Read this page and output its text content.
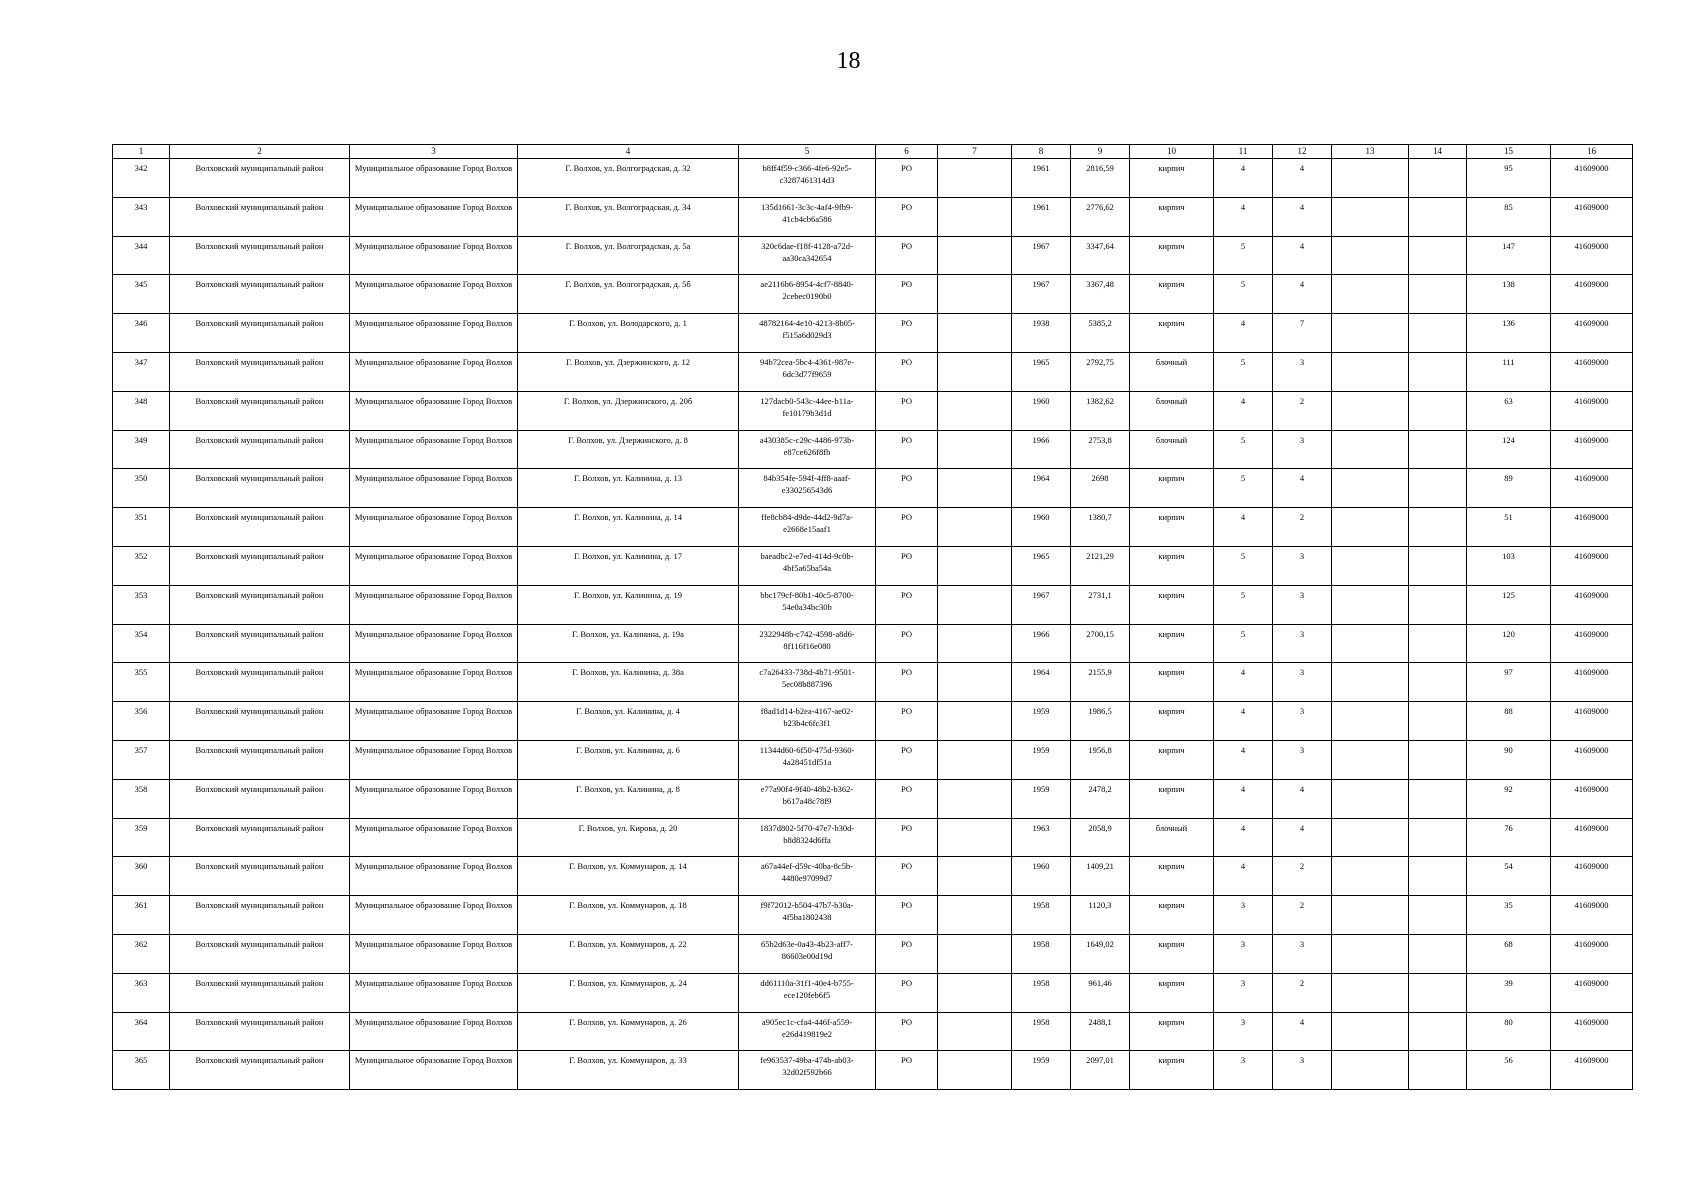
18
1	2	3	4	5	6	7	8	9	10	11	12	13	14	15	16
342	Волховский муниципальный район	Муниципальное образование Город Волхов	Г. Волхов, ул. Волгоградская, д. 32	b8ff4f59-c366-4fe6-92e5-c3287461314d3	РО		1961	2816,59	кирпич	4	4			95	41609000
343	Волховский муниципальный район	Муниципальное образование Город Волхов	Г. Волхов, ул. Волгоградская, д. 34	135d1661-3c3c-4af4-9fb9-41cb4cb6a586	РО		1961	2776,62	кирпич	4	4			85	41609000
344	Волховский муниципальный район	Муниципальное образование Город Волхов	Г. Волхов, ул. Волгоградская, д. 5а	320c6dae-f18f-4128-a72d-aa30ca342654	РО		1967	3347,64	кирпич	5	4			147	41609000
345	Волховский муниципальный район	Муниципальное образование Город Волхов	Г. Волхов, ул. Волгоградская, д. 5б	ae2116b6-8954-4cf7-8840-2cebec0190b0	РО		1967	3367,48	кирпич	5	4			138	41609000
346	Волховский муниципальный район	Муниципальное образование Город Волхов	Г. Волхов, ул. Володарского, д. 1	48782164-4e10-4213-8b05-f515a6d029d3	РО		1938	5385,2	кирпич	4	7			136	41609000
347	Волховский муниципальный район	Муниципальное образование Город Волхов	Г. Волхов, ул. Дзержинского, д. 12	94b72cea-5bc4-4361-987e-6dc3d77f9659	РО		1965	2792,75	блочный	5	3			111	41609000
348	Волховский муниципальный район	Муниципальное образование Город Волхов	Г. Волхов, ул. Дзержинского, д. 20б	127dacb0-543c-44ee-b11a-fe10179b3d1d	РО		1960	1382,62	блочный	4	2			63	41609000
349	Волховский муниципальный район	Муниципальное образование Город Волхов	Г. Волхов, ул. Дзержинского, д. 8	a430385c-c29c-4486-973b-e87ce626f8fb	РО		1966	2753,8	блочный	5	3			124	41609000
350	Волховский муниципальный район	Муниципальное образование Город Волхов	Г. Волхов, ул. Калинина, д. 13	84b354fe-594f-4ff8-aaaf-e330256543d6	РО		1964	2698	кирпич	5	4			89	41609000
351	Волховский муниципальный район	Муниципальное образование Город Волхов	Г. Волхов, ул. Калинина, д. 14	ffe8cb84-d9de-44d2-9d7a-e2668e15aaf1	РО		1960	1380,7	кирпич	4	2			51	41609000
352	Волховский муниципальный район	Муниципальное образование Город Волхов	Г. Волхов, ул. Калинина, д. 17	baeadbc2-e7ed-414d-9c0b-4bf5a65ba54a	РО		1965	2121,29	кирпич	5	3			103	41609000
353	Волховский муниципальный район	Муниципальное образование Город Волхов	Г. Волхов, ул. Калинина, д. 19	bbc179cf-80b1-40c5-8700-54e0a34bc30b	РО		1967	2731,1	кирпич	5	3			125	41609000
354	Волховский муниципальный район	Муниципальное образование Город Волхов	Г. Волхов, ул. Калинина, д. 19а	2322948b-c742-4598-a8d6-8f116f16e080	РО		1966	2700,15	кирпич	5	3			120	41609000
355	Волховский муниципальный район	Муниципальное образование Город Волхов	Г. Волхов, ул. Калинина, д. 38а	c7a26433-738d-4b71-9501-5ec08b887396	РО		1964	2155,9	кирпич	4	3			97	41609000
356	Волховский муниципальный район	Муниципальное образование Город Волхов	Г. Волхов, ул. Калинина, д. 4	f8ad1d14-b2ea-4167-ae02-b23b4c6fc3f1	РО		1959	1986,5	кирпич	4	3			88	41609000
357	Волховский муниципальный район	Муниципальное образование Город Волхов	Г. Волхов, ул. Калинина, д. 6	11344d60-6f50-475d-9360-4a28451df51a	РО		1959	1956,8	кирпич	4	3			90	41609000
358	Волховский муниципальный район	Муниципальное образование Город Волхов	Г. Волхов, ул. Калинина, д. 8	e77a90f4-9f40-48b2-b362-b617a48c78f9	РО		1959	2478,2	кирпич	4	4			92	41609000
359	Волховский муниципальный район	Муниципальное образование Город Волхов	Г. Волхов, ул. Кирова, д. 20	1837d802-5f70-47e7-b30d-b8d8324d6ffa	РО		1963	2058,9	блочный	4	4			76	41609000
360	Волховский муниципальный район	Муниципальное образование Город Волхов	Г. Волхов, ул. Коммунаров, д. 14	a67a44ef-d59c-40ba-8c5b-4480e97099d7	РО		1960	1409,21	кирпич	4	2			54	41609000
361	Волховский муниципальный район	Муниципальное образование Город Волхов	Г. Волхов, ул. Коммунаров, д. 18	f9f72012-b504-47b7-b30a-4f5ba1802438	РО		1958	1120,3	кирпич	3	2			35	41609000
362	Волховский муниципальный район	Муниципальное образование Город Волхов	Г. Волхов, ул. Коммунаров, д. 22	65b2d63e-0a43-4b23-aff7-86603e00d19d	РО		1958	1649,02	кирпич	3	3			68	41609000
363	Волховский муниципальный район	Муниципальное образование Город Волхов	Г. Волхов, ул. Коммунаров, д. 24	dd61110a-31f1-40e4-b755-ece120feb6f5	РО		1958	961,46	кирпич	3	2			39	41609000
364	Волховский муниципальный район	Муниципальное образование Город Волхов	Г. Волхов, ул. Коммунаров, д. 26	a905ec1c-cfa4-446f-a559-e26d419819e2	РО		1958	2488,1	кирпич	3	4			80	41609000
365	Волховский муниципальный район	Муниципальное образование Город Волхов	Г. Волхов, ул. Коммунаров, д. 33	fe963537-49ba-474b-ab03-32d02f592b66	РО		1959	2097,01	кирпич	3	3			56	41609000
